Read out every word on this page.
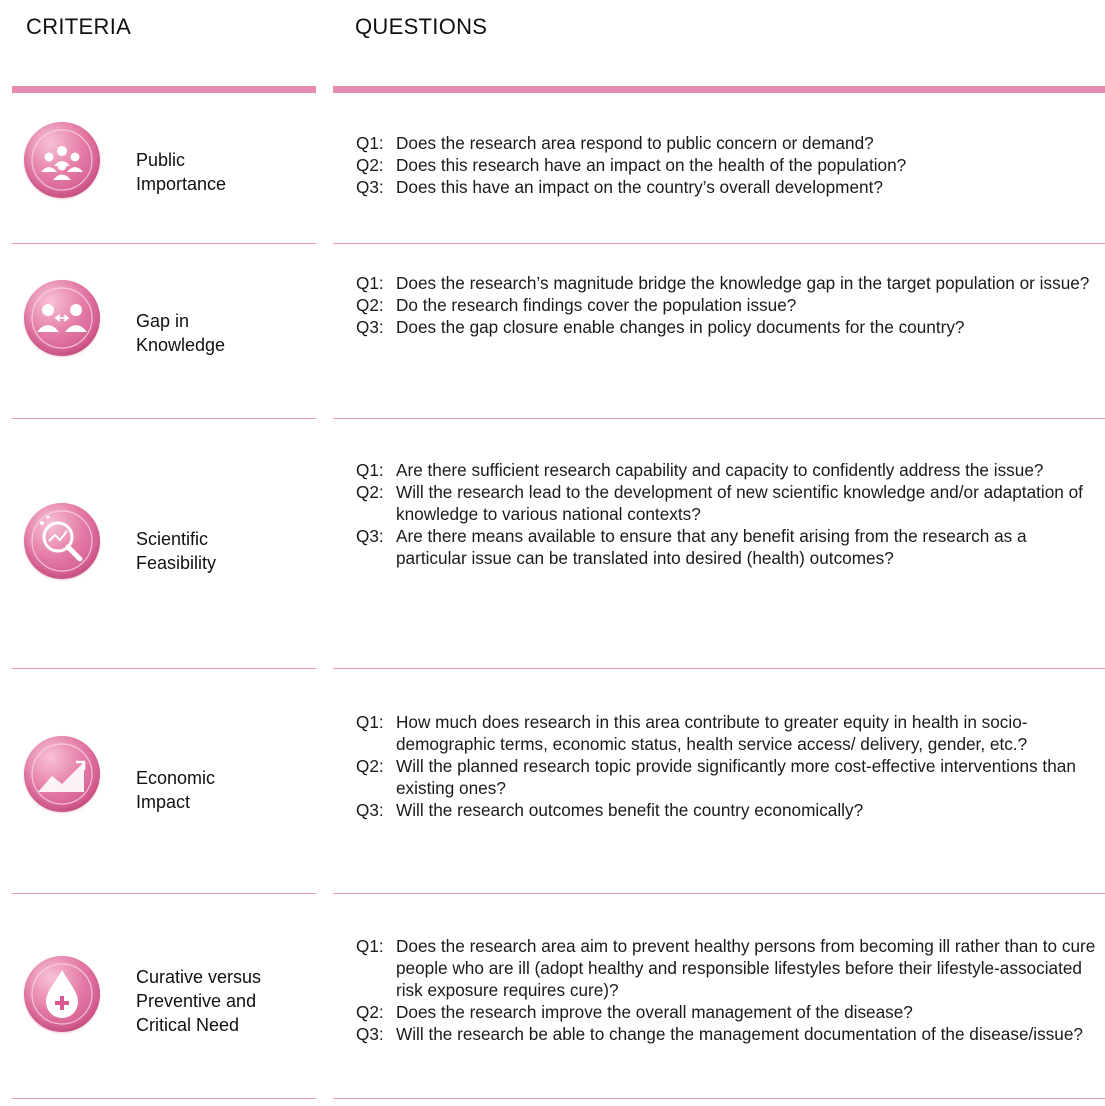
CRITERIA	QUESTIONS
Public
Importance
Q1: Does the research area respond to public concern or demand?
Q2: Does this research have an impact on the health of the population?
Q3: Does this have an impact on the country’s overall development?
Gap in
Knowledge
Q1: Does the research’s magnitude bridge the knowledge gap in the target population or issue?
Q2: Do the research findings cover the population issue?
Q3: Does the gap closure enable changes in policy documents for the country?
Scientific
Feasibility
Q1: Are there sufficient research capability and capacity to confidently address the issue?
Q2: Will the research lead to the development of new scientific knowledge and/or adaptation of knowledge to various national contexts?
Q3: Are there means available to ensure that any benefit arising from the research as a particular issue can be translated into desired (health) outcomes?
Economic
Impact
Q1: How much does research in this area contribute to greater equity in health in socio-demographic terms, economic status, health service access/ delivery, gender, etc.?
Q2: Will the planned research topic provide significantly more cost-effective interventions than existing ones?
Q3: Will the research outcomes benefit the country economically?
Curative versus
Preventive and
Critical Need
Q1: Does the research area aim to prevent healthy persons from becoming ill rather than to cure people who are ill (adopt healthy and responsible lifestyles before their lifestyle-associated risk exposure requires cure)?
Q2: Does the research improve the overall management of the disease?
Q3: Will the research be able to change the management documentation of the disease/issue?
